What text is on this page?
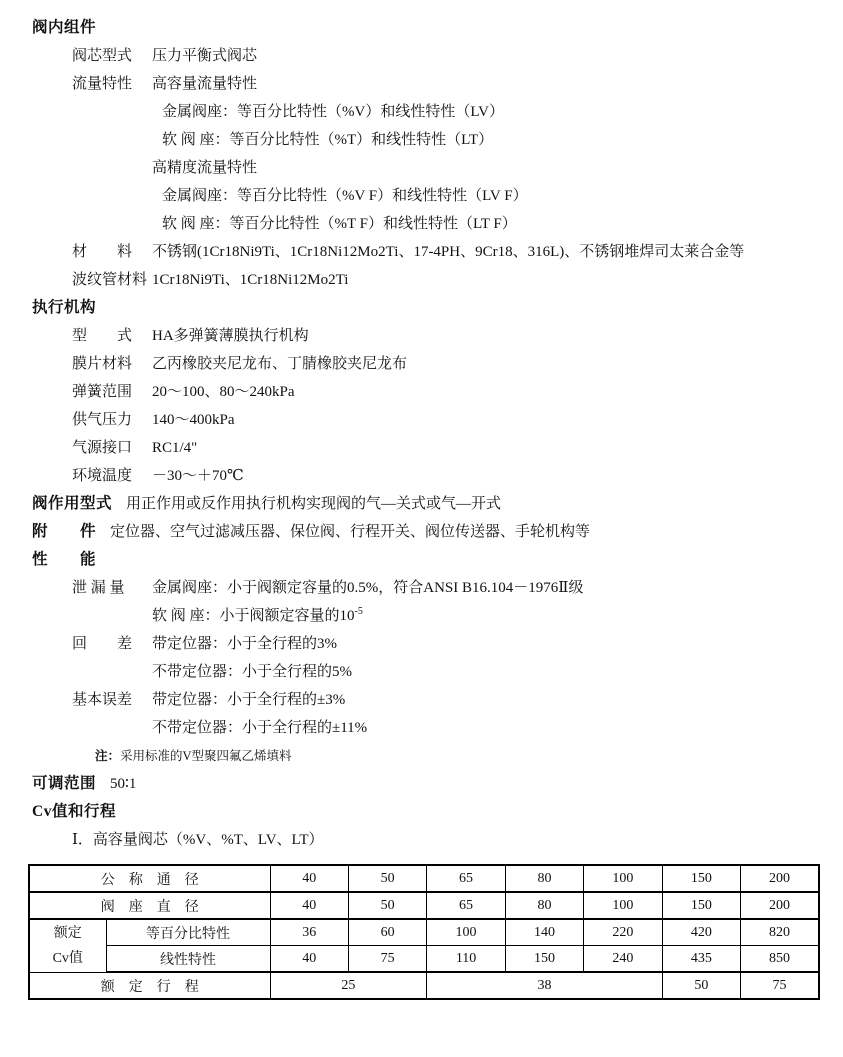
阀内组件
阀芯型式 压力平衡式阀芯
流量特性 高容量流量特性
金属阀座：等百分比特性（%V）和线性特性（LV）
软 阀 座：等百分比特性（%T）和线性特性（LT）
高精度流量特性
金属阀座：等百分比特性（%V F）和线性特性（LV F）
软 阀 座：等百分比特性（%T F）和线性特性（LT F）
材　　料 不锈钢(1Cr18Ni9Ti、1Cr18Ni12Mo2Ti、17-4PH、9Cr18、316L)、不锈钢堆焊司太莱合金等
波纹管材料 1Cr18Ni9Ti、1Cr18Ni12Mo2Ti
执行机构
型　　式 HA多弹簧薄膜执行机构
膜片材料 乙丙橡胶夹尼龙布、丁腈橡胶夹尼龙布
弹簧范围 20～100、80～240kPa
供气压力 140～400kPa
气源接口 RC1/4"
环境温度 －30～＋70℃
阀作用型式 用正作用或反作用执行机构实现阀的气—关式或气—开式
附　　件 定位器、空气过滤减压器、保位阀、行程开关、阀位传送器、手轮机构等
性　　能
泄 漏 量 金属阀座：小于阀额定容量的0.5%，符合ANSI B16.104－1976Ⅱ级
软 阀 座：小于阀额定容量的$10^{-5}$
回　　差 带定位器：小于全行程的3%
不带定位器：小于全行程的5%
基本误差 带定位器：小于全行程的±3%
不带定位器：小于全行程的±11%
注：采用标准的V型聚四氟乙烯填料
可调范围 50∶1
Cv值和行程
Ⅰ．高容量阀芯（%V、%T、LV、LT）
公　称　通　径		40	50	65	80	100	150	200
阀　座　直　径		40	50	65	80	100	150	200

额定
Cv值	等百分比特性	36	60	100	140	220	420	820
	线性特性	40	75	110	150	240	435	850
额　定　行　程		25		38			50	75
